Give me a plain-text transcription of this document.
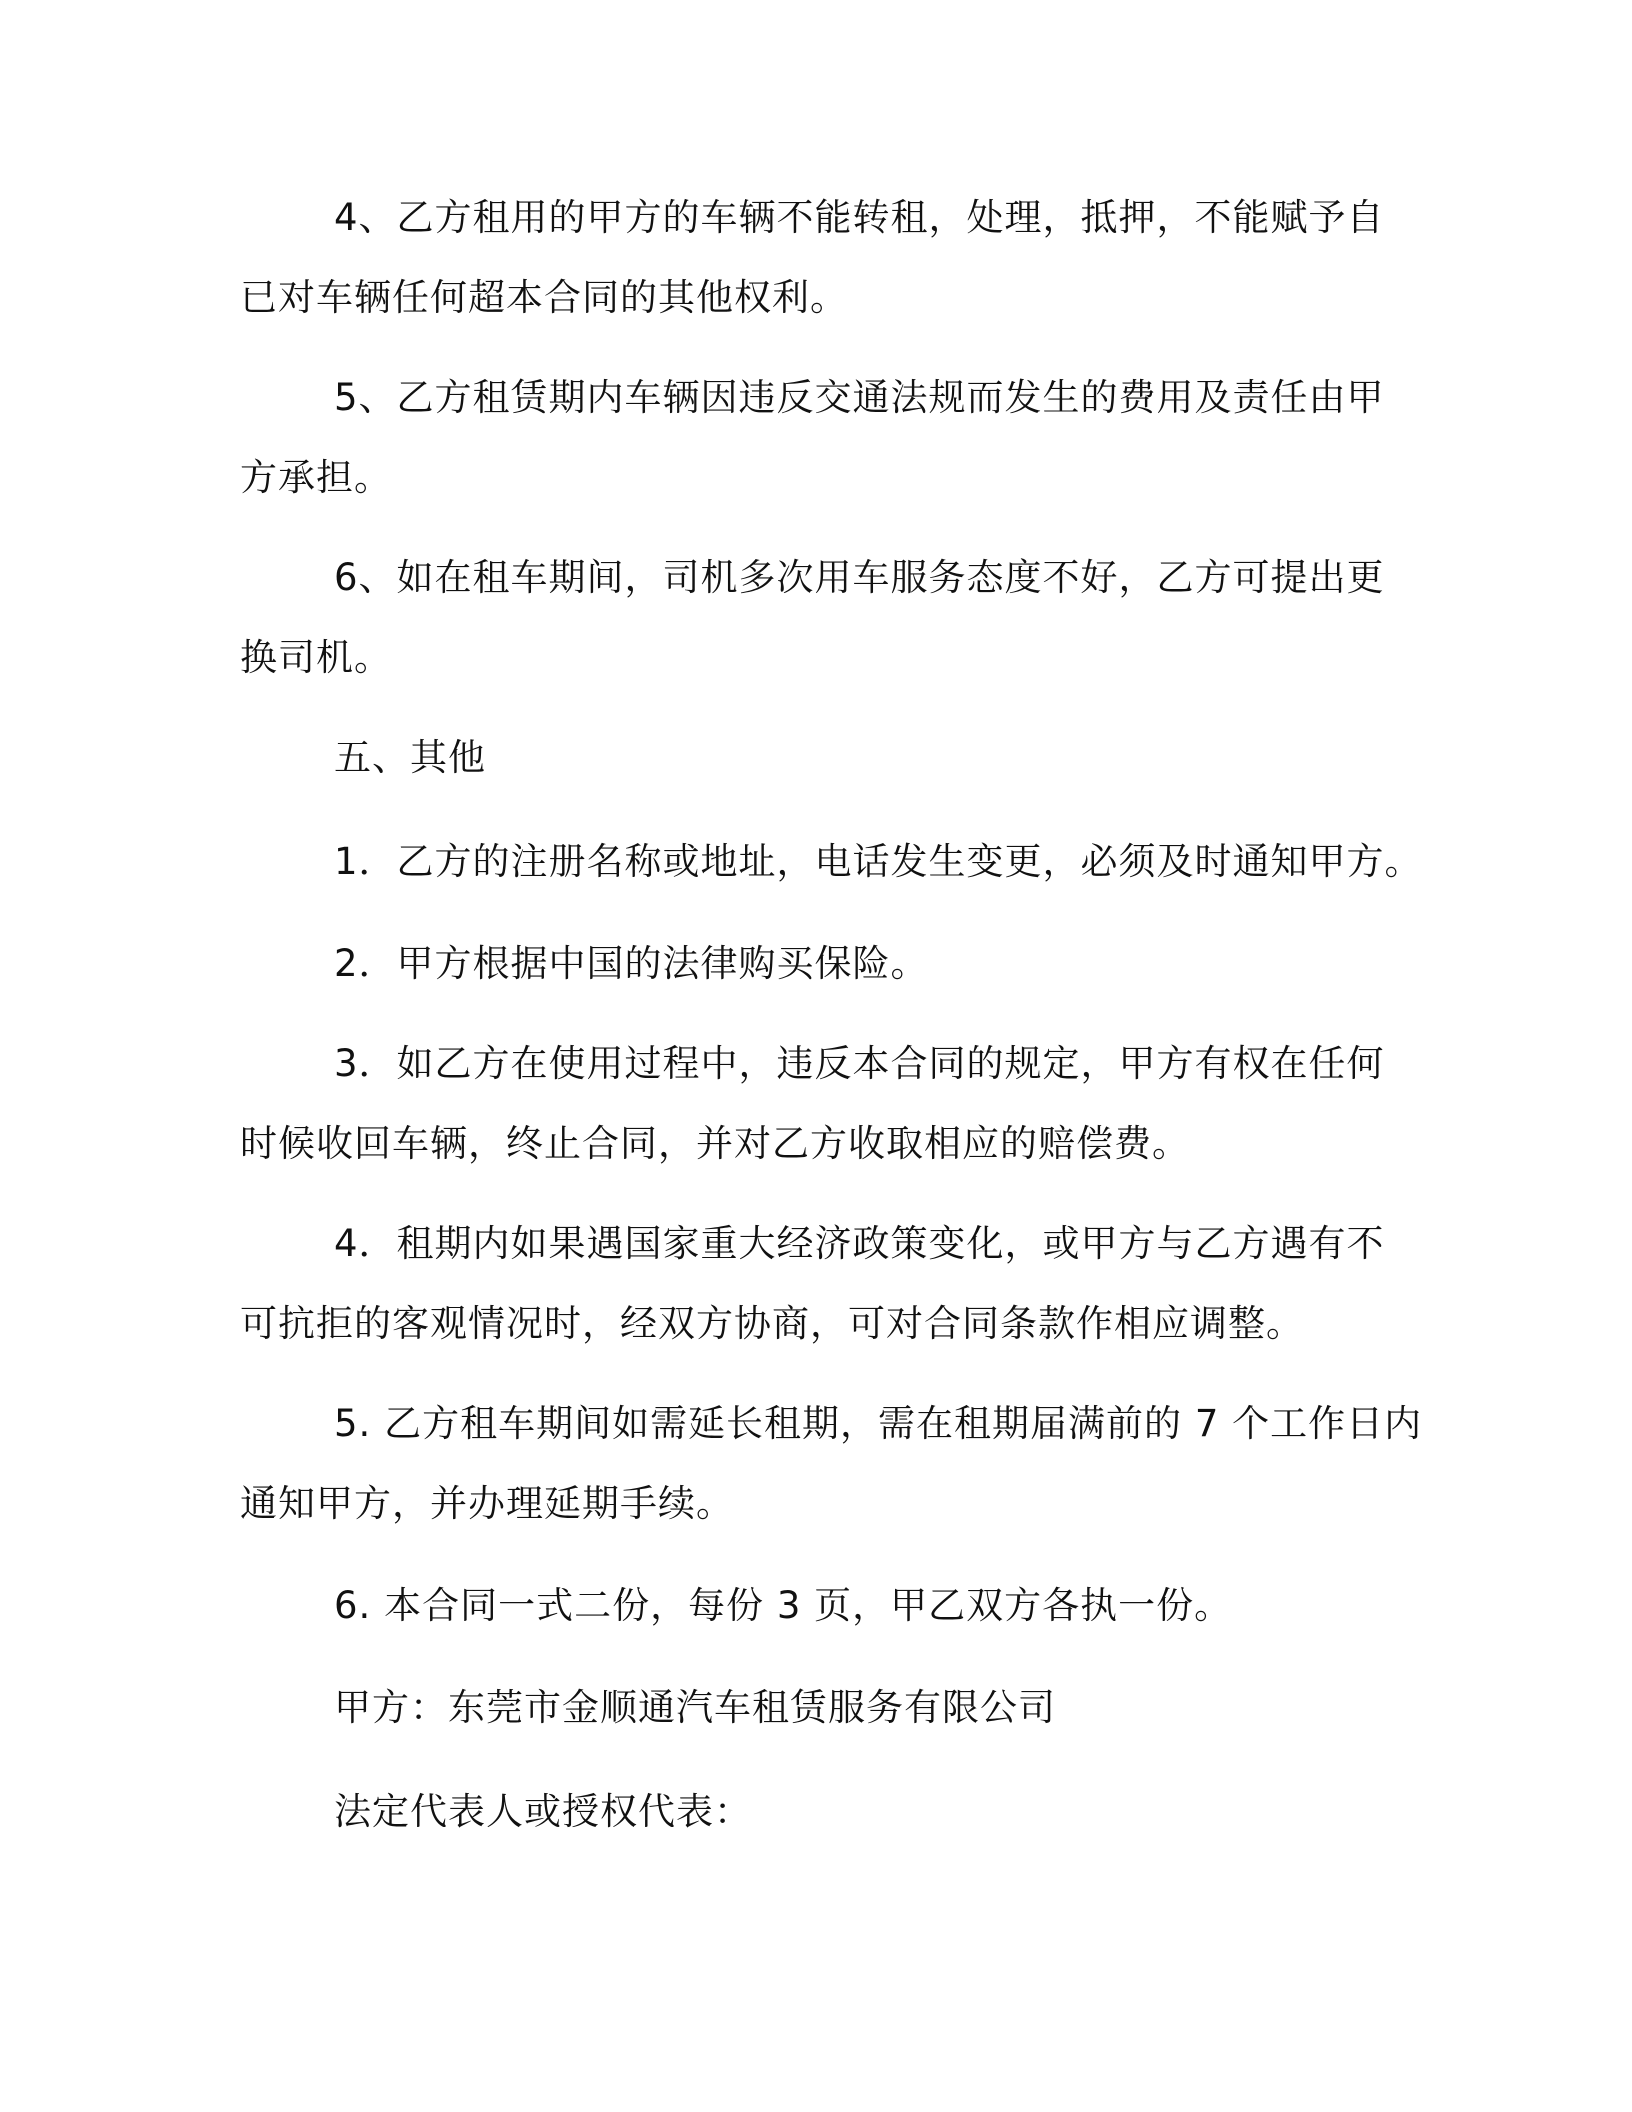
4、乙方租用的甲方的车辆不能转租，处理，抵押，不能赋予自
已对车辆任何超本合同的其他权利。

5、乙方租赁期内车辆因违反交通法规而发生的费用及责任由甲
方承担。

6、如在租车期间，司机多次用车服务态度不好，乙方可提出更
换司机。

五、其他

1．乙方的注册名称或地址，电话发生变更，必须及时通知甲方。

2．甲方根据中国的法律购买保险。

3．如乙方在使用过程中，违反本合同的规定，甲方有权在任何
时候收回车辆，终止合同，并对乙方收取相应的赔偿费。

4．租期内如果遇国家重大经济政策变化，或甲方与乙方遇有不
可抗拒的客观情况时，经双方协商，可对合同条款作相应调整。

5. 乙方租车期间如需延长租期，需在租期届满前的 7 个工作日内
通知甲方，并办理延期手续。

6. 本合同一式二份，每份 3 页，甲乙双方各执一份。

甲方：东莞市金顺通汽车租赁服务有限公司

法定代表人或授权代表：
